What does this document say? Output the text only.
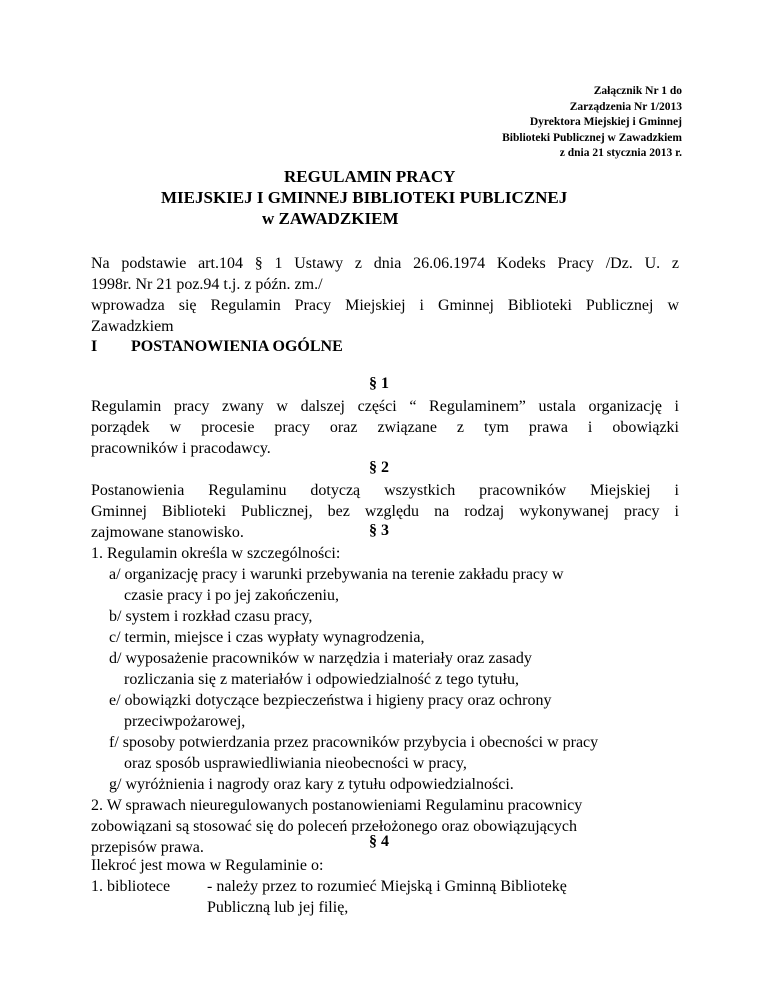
Załącznik Nr 1 do
Zarządzenia Nr 1/2013
Dyrektora Miejskiej i Gminnej
Biblioteki Publicznej w Zawadzkiem
z dnia 21 stycznia 2013 r.
REGULAMIN PRACY
MIEJSKIEJ I GMINNEJ BIBLIOTEKI PUBLICZNEJ
w ZAWADZKIEM
Na podstawie art.104 § 1 Ustawy z dnia 26.06.1974 Kodeks Pracy /Dz. U. z
1998r. Nr 21 poz.94 t.j. z późn. zm./
wprowadza się Regulamin Pracy Miejskiej i Gminnej Biblioteki Publicznej w
Zawadzkiem
I POSTANOWIENIA OGÓLNE
§ 1
Regulamin pracy zwany w dalszej części “ Regulaminem” ustala organizację i
porządek w procesie pracy oraz związane z tym prawa i obowiązki
pracowników i pracodawcy.
§ 2
Postanowienia Regulaminu dotyczą wszystkich pracowników Miejskiej i
Gminnej Biblioteki Publicznej, bez względu na rodzaj wykonywanej pracy i
zajmowane stanowisko.	§ 3
1. Regulamin określa w szczególności:
a/ organizację pracy i warunki przebywania na terenie zakładu pracy w
czasie pracy i po jej zakończeniu,
b/ system i rozkład czasu pracy,
c/ termin, miejsce i czas wypłaty wynagrodzenia,
d/ wyposażenie pracowników w narzędzia i materiały oraz zasady
rozliczania się z materiałów i odpowiedzialność z tego tytułu,
e/ obowiązki dotyczące bezpieczeństwa i higieny pracy oraz ochrony
przeciwpożarowej,
f/ sposoby potwierdzania przez pracowników przybycia i obecności w pracy
oraz sposób usprawiedliwiania nieobecności w pracy,
g/ wyróżnienia i nagrody oraz kary z tytułu odpowiedzialności.
2. W sprawach nieuregulowanych postanowieniami Regulaminu pracownicy
zobowiązani są stosować się do poleceń przełożonego oraz obowiązujących
przepisów prawa.	§ 4
Ilekroć jest mowa w Regulaminie o:
1. bibliotece - należy przez to rozumieć Miejską i Gminną Bibliotekę
Publiczną lub jej filię,
